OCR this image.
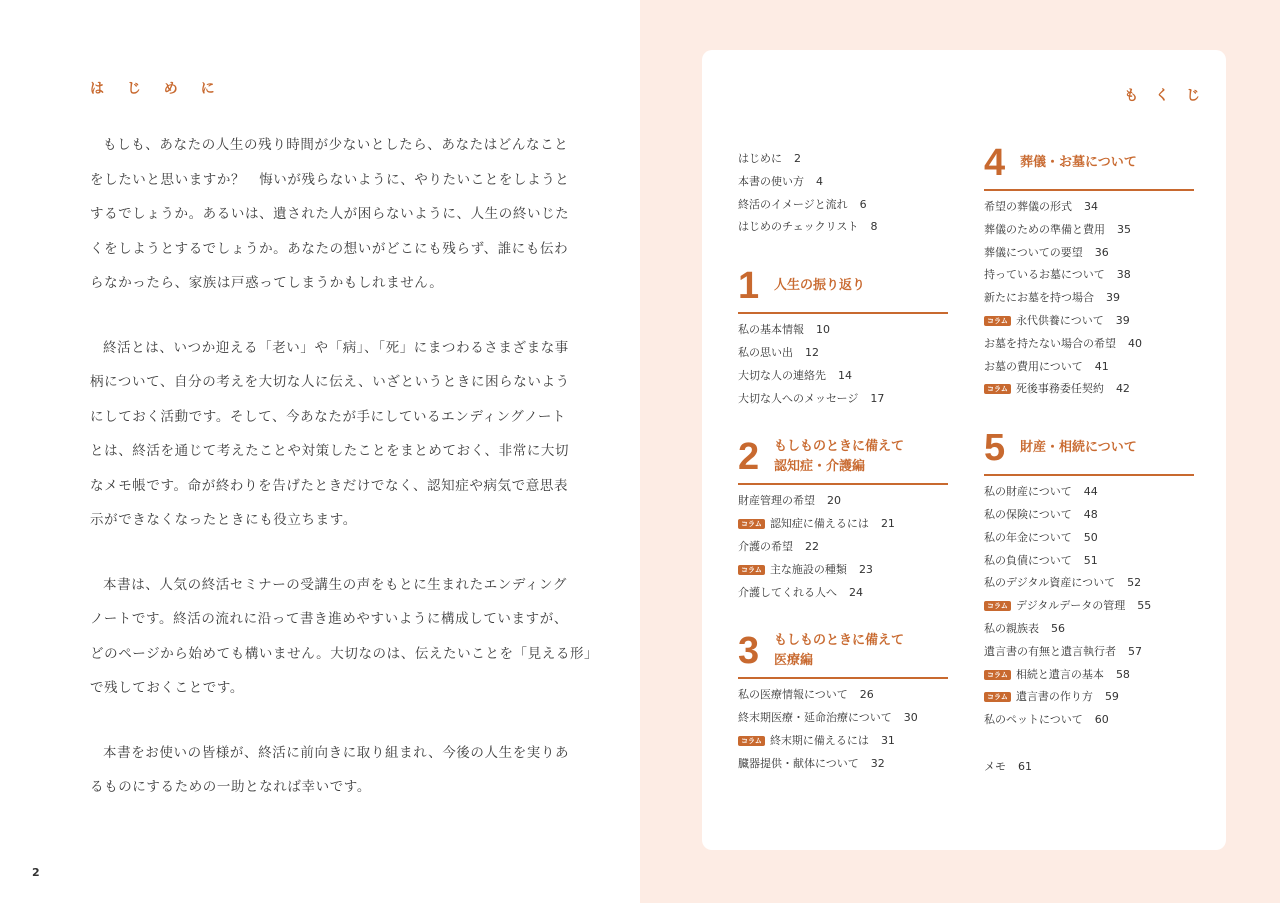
は じ め に
もしも、あなたの人生の残り時間が少ないとしたら、あなたはどんなこと
をしたいと思いますか？　悔いが残らないように、やりたいことをしようと
するでしょうか。あるいは、遺された人が困らないように、人生の終いじた
くをしようとするでしょうか。あなたの想いがどこにも残らず、誰にも伝わ
らなかったら、家族は戸惑ってしまうかもしれません。
終活とは、いつか迎える「老い」や「病」、「死」にまつわるさまざまな事
柄について、自分の考えを大切な人に伝え、いざというときに困らないよう
にしておく活動です。そして、今あなたが手にしているエンディングノート
とは、終活を通じて考えたことや対策したことをまとめておく、非常に大切
なメモ帳です。命が終わりを告げたときだけでなく、認知症や病気で意思表
示ができなくなったときにも役立ちます。
本書は、人気の終活セミナーの受講生の声をもとに生まれたエンディング
ノートです。終活の流れに沿って書き進めやすいように構成していますが、
どのページから始めても構いません。大切なのは、伝えたいことを「見える形」
で残しておくことです。
本書をお使いの皆様が、終活に前向きに取り組まれ、今後の人生を実りあ
るものにするための一助となれば幸いです。
2
も く じ
はじめに 2
本書の使い方 4
終活のイメージと流れ 6
はじめのチェックリスト 8
1	人生の振り返り
私の基本情報 10
私の思い出 12
大切な人の連絡先 14
大切な人へのメッセージ 17
2	もしものときに備えて
認知症・介護編
財産管理の希望 20
コラム 認知症に備えるには 21
介護の希望 22
コラム 主な施設の種類 23
介護してくれる人へ 24
3	もしものときに備えて
医療編
私の医療情報について 26
終末期医療・延命治療について 30
コラム 終末期に備えるには 31
臓器提供・献体について 32
4	葬儀・お墓について
希望の葬儀の形式 34
葬儀のための準備と費用 35
葬儀についての要望 36
持っているお墓について 38
新たにお墓を持つ場合 39
コラム 永代供養について 39
お墓を持たない場合の希望 40
お墓の費用について 41
コラム 死後事務委任契約 42
5	財産・相続について
私の財産について 44
私の保険について 48
私の年金について 50
私の負債について 51
私のデジタル資産について 52
コラム デジタルデータの管理 55
私の親族表 56
遺言書の有無と遺言執行者 57
コラム 相続と遺言の基本 58
コラム 遺言書の作り方 59
私のペットについて 60
メモ 61
